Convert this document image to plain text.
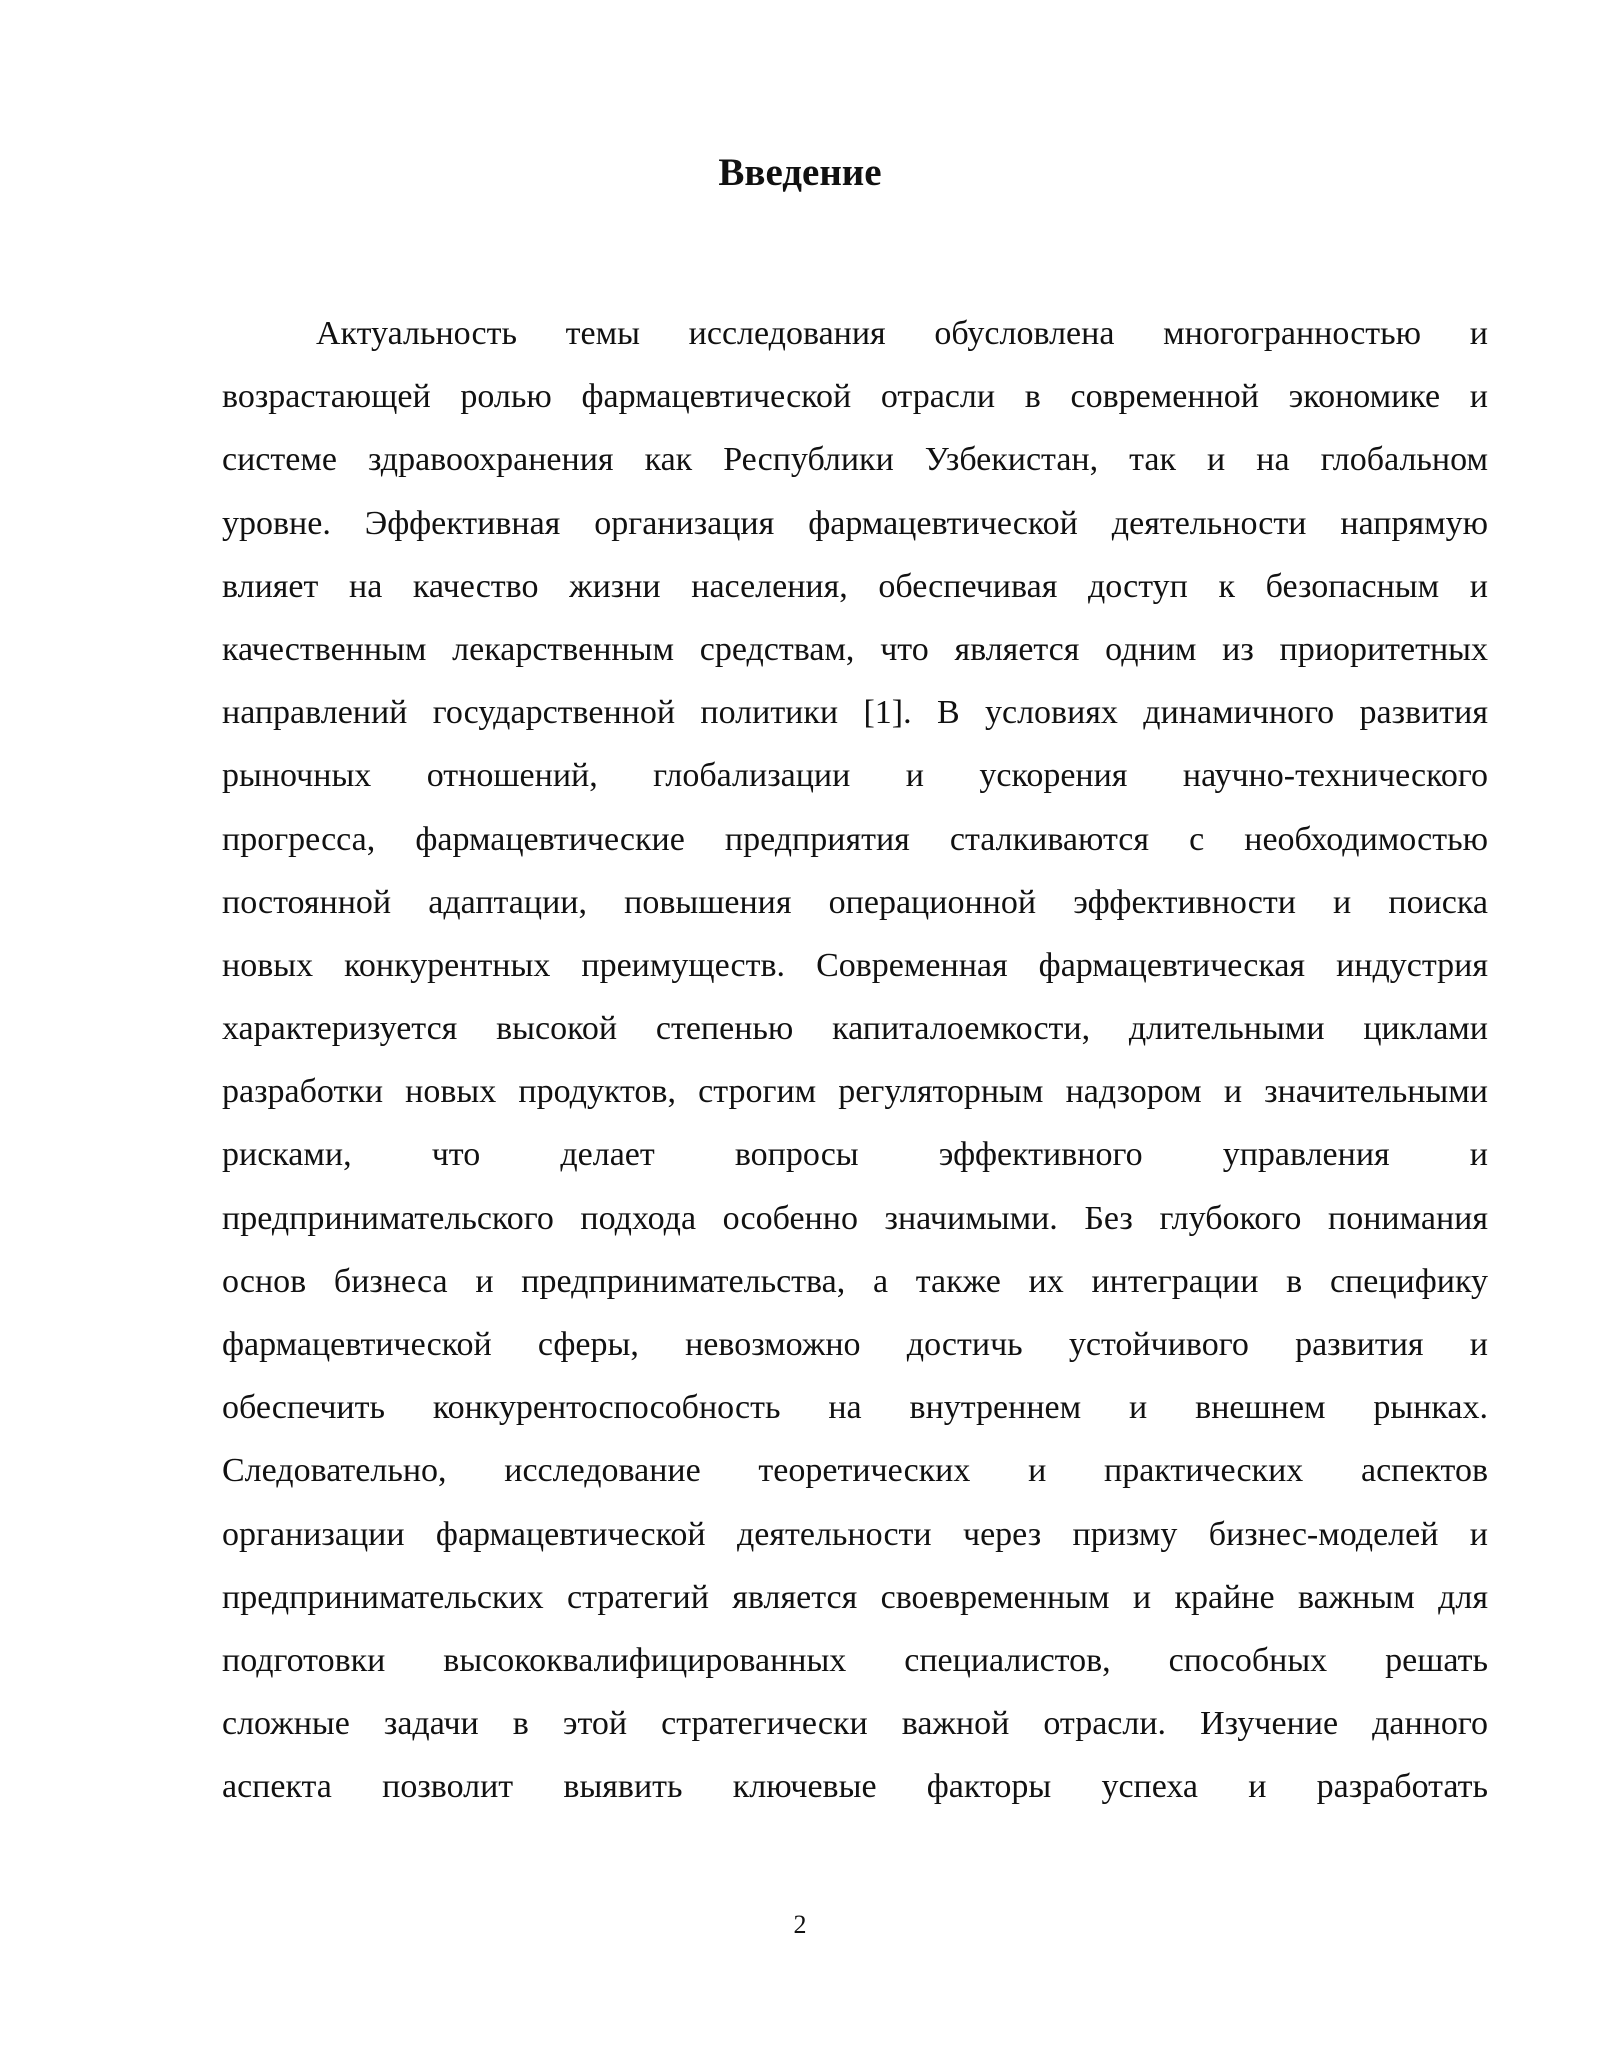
Введение
Актуальность темы исследования обусловлена многогранностью и
возрастающей ролью фармацевтической отрасли в современной экономике и
системе здравоохранения как Республики Узбекистан, так и на глобальном
уровне. Эффективная организация фармацевтической деятельности напрямую
влияет на качество жизни населения, обеспечивая доступ к безопасным и
качественным лекарственным средствам, что является одним из приоритетных
направлений государственной политики [1]. В условиях динамичного развития
рыночных отношений, глобализации и ускорения научно-технического
прогресса, фармацевтические предприятия сталкиваются с необходимостью
постоянной адаптации, повышения операционной эффективности и поиска
новых конкурентных преимуществ. Современная фармацевтическая индустрия
характеризуется высокой степенью капиталоемкости, длительными циклами
разработки новых продуктов, строгим регуляторным надзором и значительными
рисками, что делает вопросы эффективного управления и
предпринимательского подхода особенно значимыми. Без глубокого понимания
основ бизнеса и предпринимательства, а также их интеграции в специфику
фармацевтической сферы, невозможно достичь устойчивого развития и
обеспечить конкурентоспособность на внутреннем и внешнем рынках.
Следовательно, исследование теоретических и практических аспектов
организации фармацевтической деятельности через призму бизнес-моделей и
предпринимательских стратегий является своевременным и крайне важным для
подготовки высококвалифицированных специалистов, способных решать
сложные задачи в этой стратегически важной отрасли. Изучение данного
аспекта позволит выявить ключевые факторы успеха и разработать
2
